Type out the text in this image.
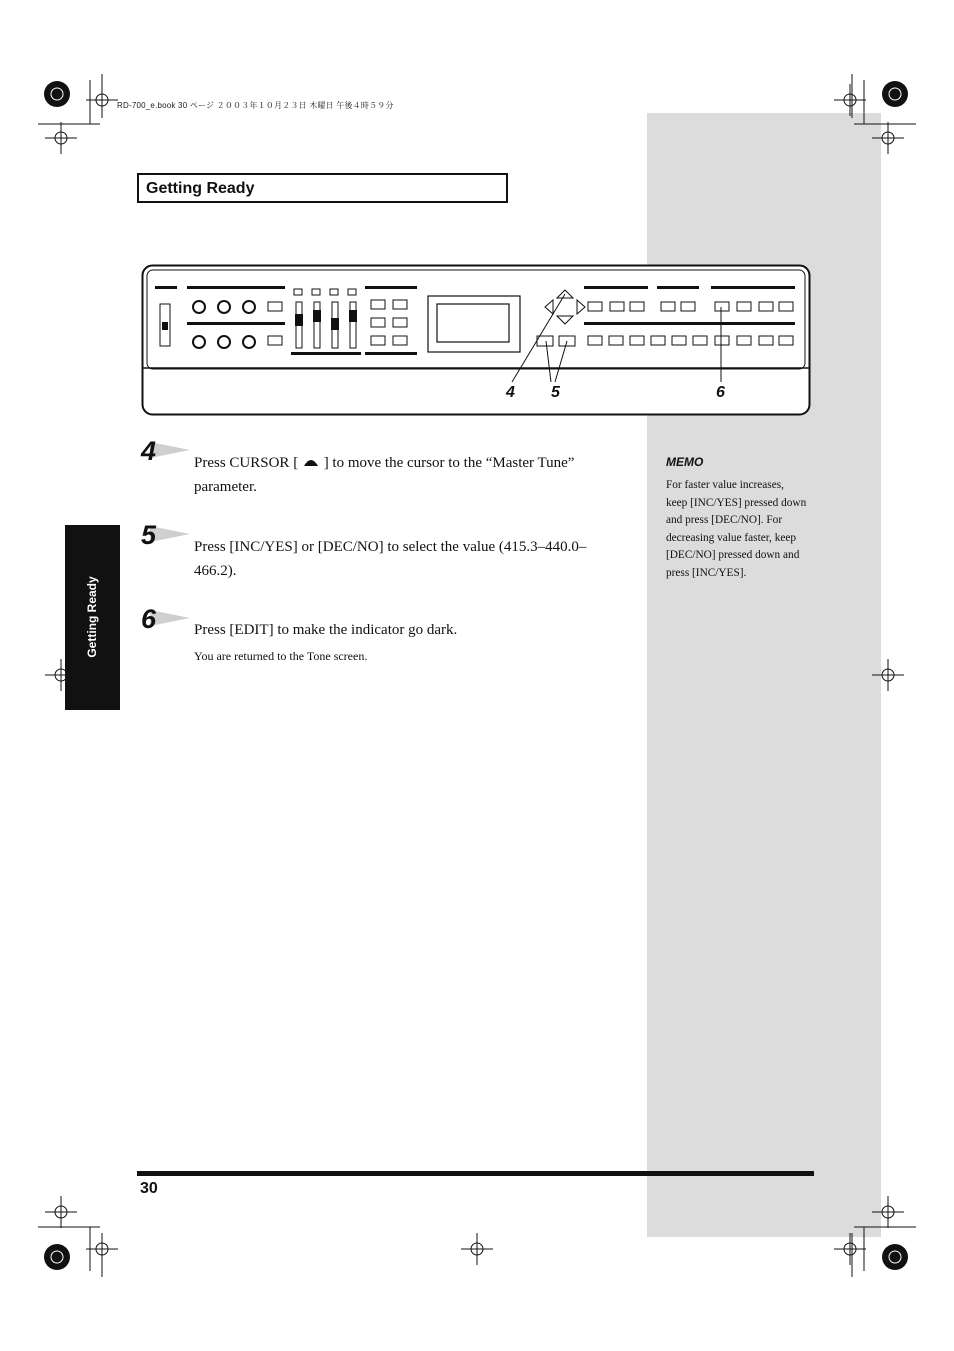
RD-700_e.book 30 ページ ２００３年１０月２３日 木曜日 午後４時５９分
Getting Ready
4 5	6
4	Press CURSOR [  ] to move the cursor to the “Master Tune” parameter.
5	Press [INC/YES] or [DEC/NO] to select the value (415.3–440.0–466.2).
6	Press [EDIT] to make the indicator go dark.
You are returned to the Tone screen.
MEMO
For faster value increases, keep [INC/YES] pressed down and press [DEC/NO]. For decreasing value faster, keep [DEC/NO] pressed down and press [INC/YES].
Getting Ready
30
